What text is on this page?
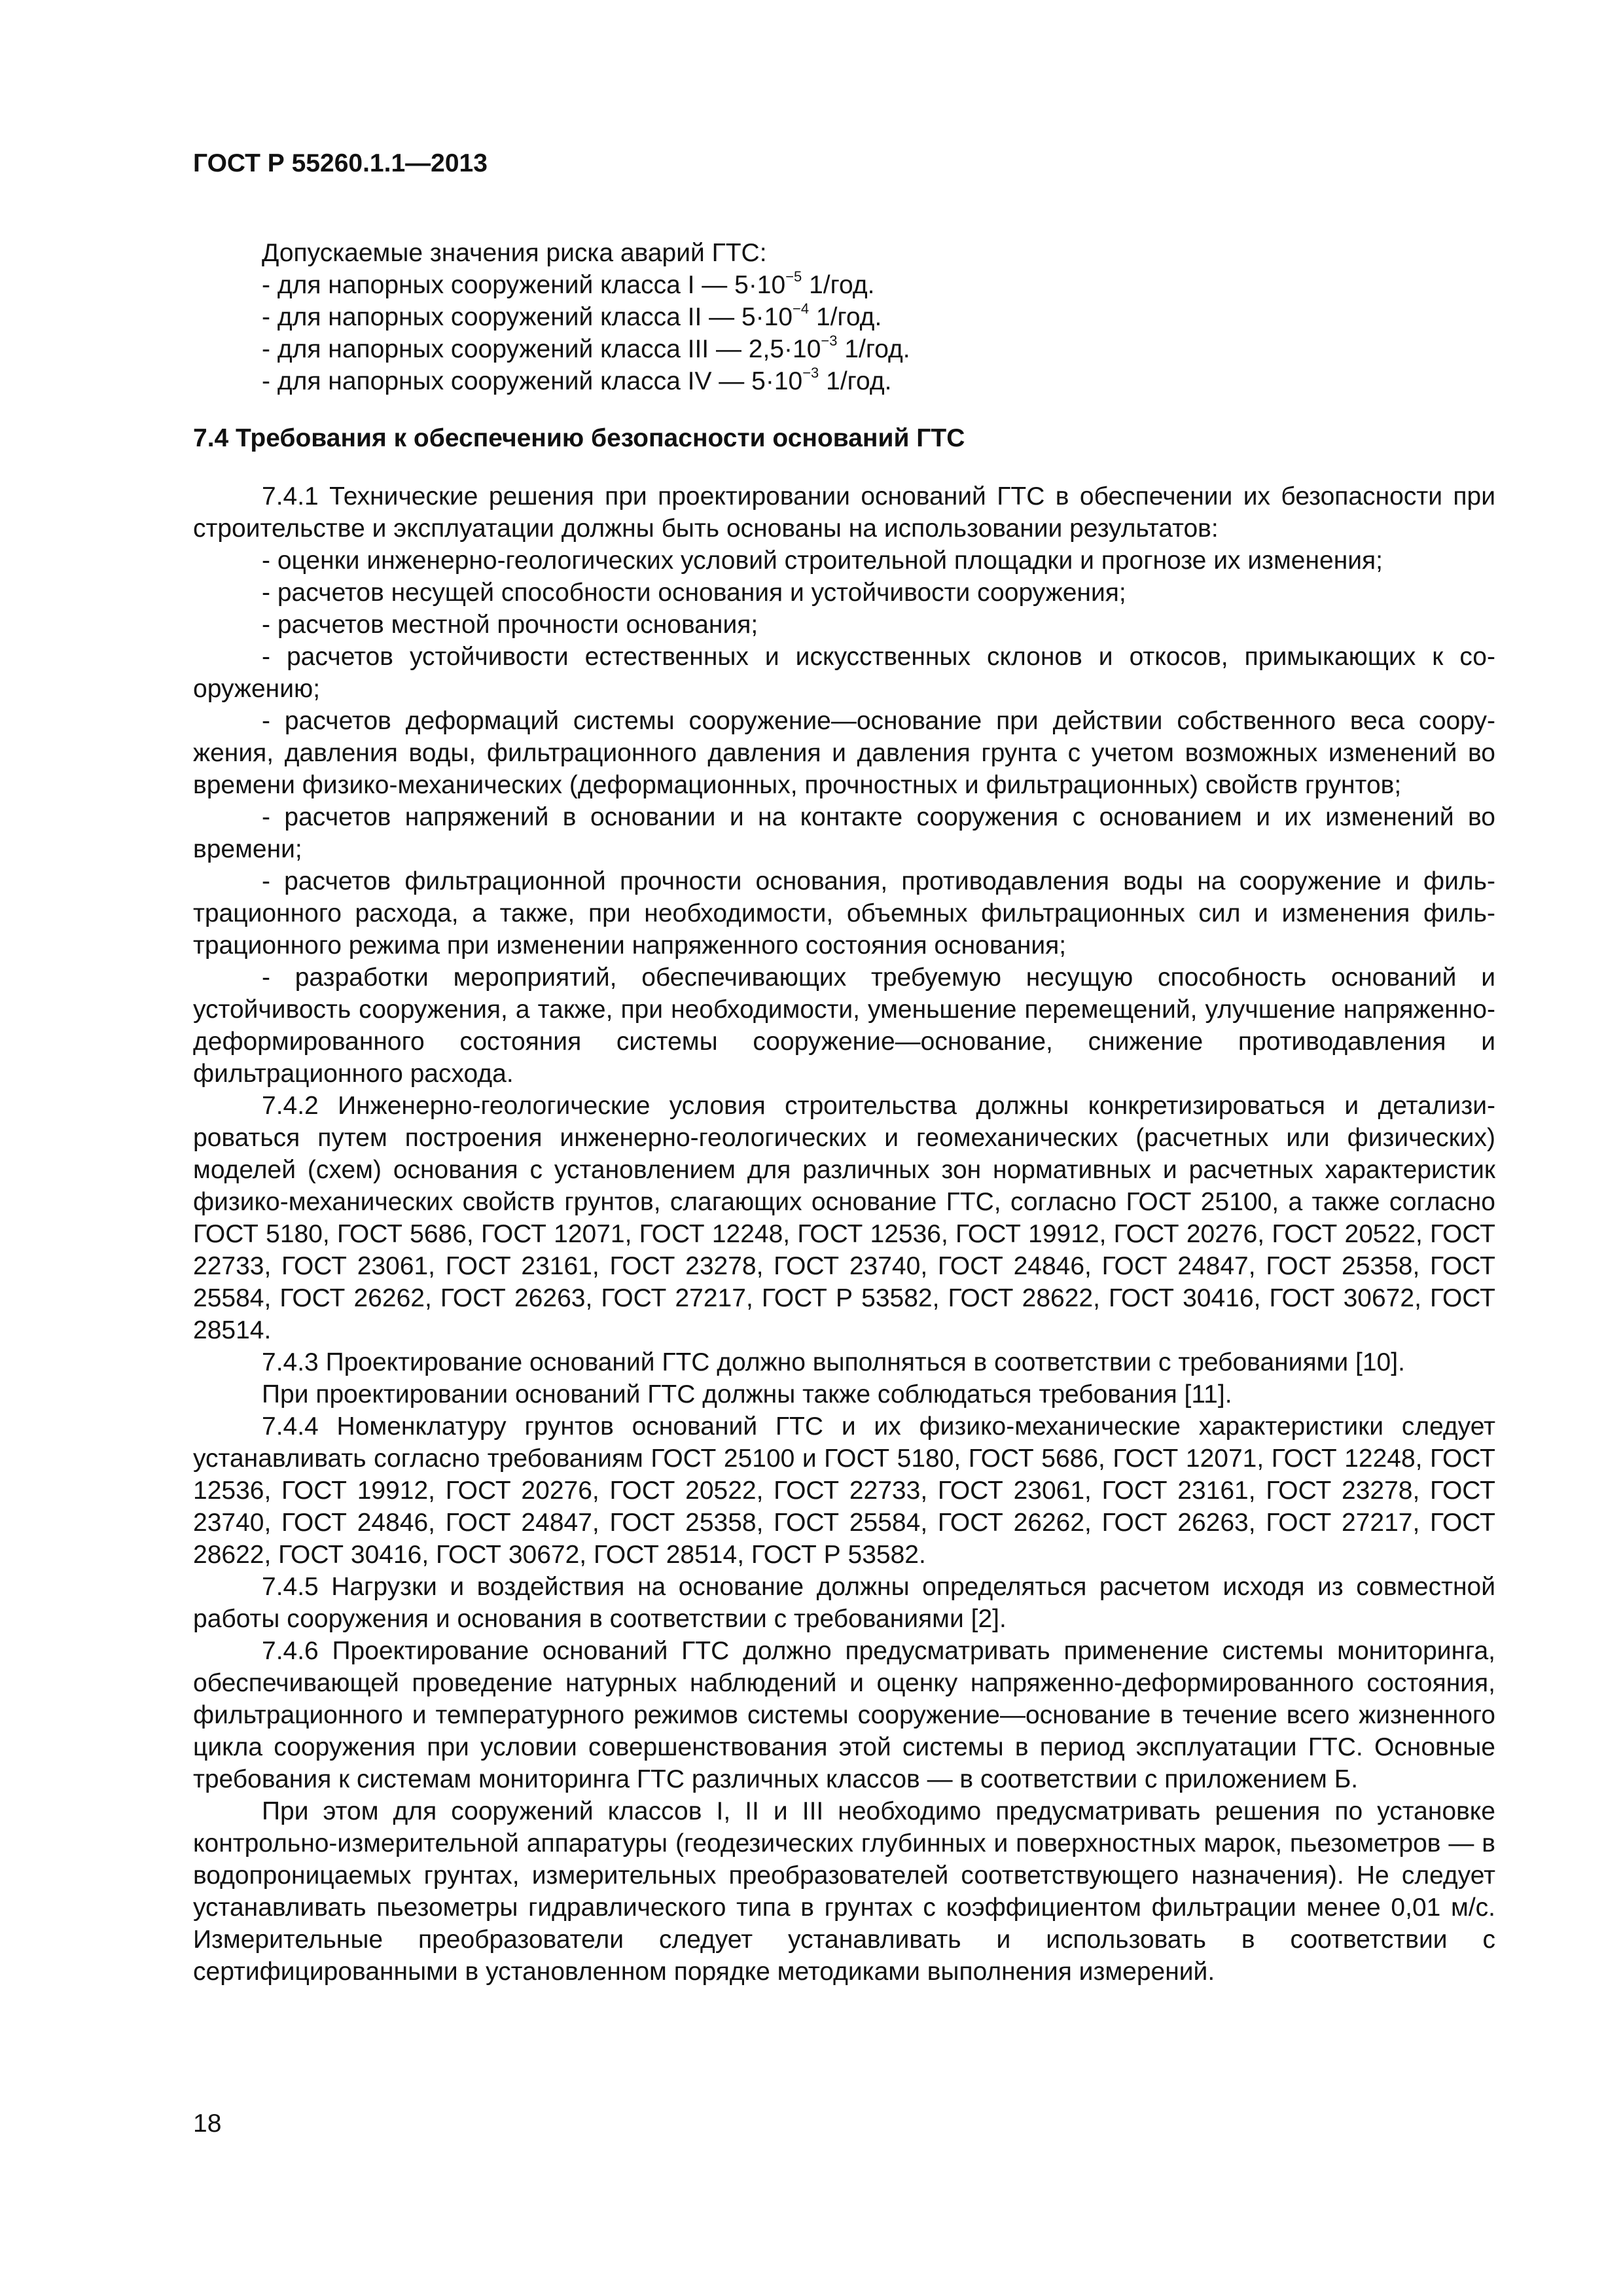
ГОСТ Р 55260.1.1—2013
Допускаемые значения риска аварий ГТС:
- для напорных сооружений класса I — $5\cdot 10^{-5}$ 1/год.
- для напорных сооружений класса II — $5\cdot 10^{-4}$ 1/год.
- для напорных сооружений класса III — $2,5\cdot 10^{-3}$ 1/год.
- для напорных сооружений класса IV — $5\cdot 10^{-3}$ 1/год.
7.4 Требования к обеспечению безопасности оснований ГТС

7.4.1 Технические решения при проектировании оснований ГТС в обеспечении их безопасности при строительстве и эксплуатации должны быть основаны на использовании результатов:

- оценки инженерно-геологических условий строительной площадки и прогнозе их изменения;

- расчетов несущей способности основания и устойчивости сооружения;

- расчетов местной прочности основания;

- расчетов устойчивости естественных и искусственных склонов и откосов, примыкающих к сооружению;

- расчетов деформаций системы сооружение—основание при действии собственного веса сооружения, давления воды, фильтрационного давления и давления грунта с учетом возможных изменений во времени физико-механических (деформационных, прочностных и фильтрационных) свойств грунтов;

- расчетов напряжений в основании и на контакте сооружения с основанием и их изменений во времени;

- расчетов фильтрационной прочности основания, противодавления воды на сооружение и фильтрационного расхода, а также, при необходимости, объемных фильтрационных сил и изменения фильтрационного режима при изменении напряженного состояния основания;

- разработки мероприятий, обеспечивающих требуемую несущую способность оснований и устойчивость сооружения, а также, при необходимости, уменьшение перемещений, улучшение напряженно-деформированного состояния системы сооружение—основание, снижение противодавления и фильтрационного расхода.

7.4.2 Инженерно-геологические условия строительства должны конкретизироваться и детализироваться путем построения инженерно-геологических и геомеханических (расчетных или физических) моделей (схем) основания с установлением для различных зон нормативных и расчетных характеристик физико-механических свойств грунтов, слагающих основание ГТС, согласно ГОСТ 25100, а также согласно ГОСТ 5180, ГОСТ 5686, ГОСТ 12071, ГОСТ 12248, ГОСТ 12536, ГОСТ 19912, ГОСТ 20276, ГОСТ 20522, ГОСТ 22733, ГОСТ 23061, ГОСТ 23161, ГОСТ 23278, ГОСТ 23740, ГОСТ 24846, ГОСТ 24847, ГОСТ 25358, ГОСТ 25584, ГОСТ 26262, ГОСТ 26263, ГОСТ 27217, ГОСТ Р 53582, ГОСТ 28622, ГОСТ 30416, ГОСТ 30672, ГОСТ 28514.

7.4.3 Проектирование оснований ГТС должно выполняться в соответствии с требованиями [10].

При проектировании оснований ГТС должны также соблюдаться требования [11].

7.4.4 Номенклатуру грунтов оснований ГТС и их физико-механические характеристики следует устанавливать согласно требованиям ГОСТ 25100 и ГОСТ 5180, ГОСТ 5686, ГОСТ 12071, ГОСТ 12248, ГОСТ 12536, ГОСТ 19912, ГОСТ 20276, ГОСТ 20522, ГОСТ 22733, ГОСТ 23061, ГОСТ 23161, ГОСТ 23278, ГОСТ 23740, ГОСТ 24846, ГОСТ 24847, ГОСТ 25358, ГОСТ 25584, ГОСТ 26262, ГОСТ 26263, ГОСТ 27217, ГОСТ 28622, ГОСТ 30416, ГОСТ 30672, ГОСТ 28514, ГОСТ Р 53582.

7.4.5 Нагрузки и воздействия на основание должны определяться расчетом исходя из совместной работы сооружения и основания в соответствии с требованиями [2].

7.4.6 Проектирование оснований ГТС должно предусматривать применение системы мониторинга, обеспечивающей проведение натурных наблюдений и оценку напряженно-деформированного состояния, фильтрационного и температурного режимов системы сооружение—основание в течение всего жизненного цикла сооружения при условии совершенствования этой системы в период эксплуатации ГТС. Основные требования к системам мониторинга ГТС различных классов — в соответствии с приложением Б.

При этом для сооружений классов I, II и III необходимо предусматривать решения по установке контрольно-измерительной аппаратуры (геодезических глубинных и поверхностных марок, пьезометров — в водопроницаемых грунтах, измерительных преобразователей соответствующего назначения). Не следует устанавливать пьезометры гидравлического типа в грунтах с коэффициентом фильтрации менее 0,01 м/с. Измерительные преобразователи следует устанавливать и использовать в соответствии с сертифицированными в установленном порядке методиками выполнения измерений.

18
